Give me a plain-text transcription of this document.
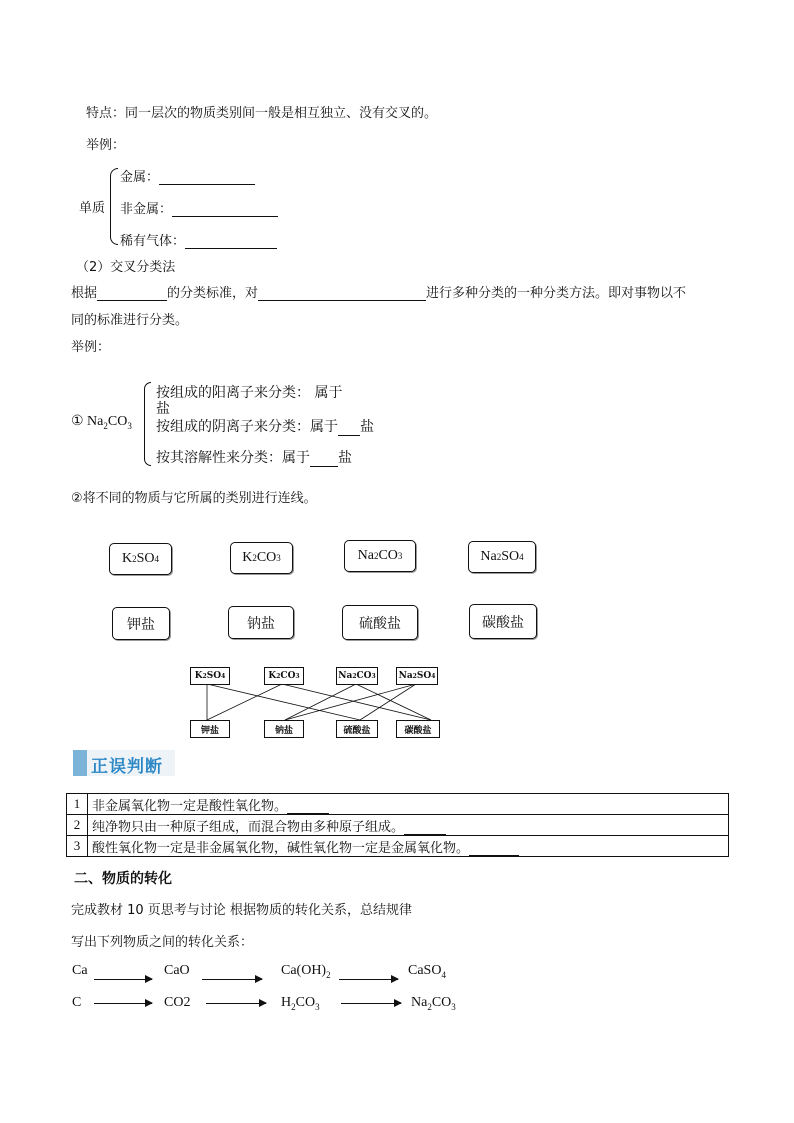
特点：同一层次的物质类别间一般是相互独立、没有交叉的。
举例：
单质
金属：
非金属：
稀有气体：
（2）交叉分类法
根据	的分类标准，对	进行多种分类的一种分类方法。即对事物以不
同的标准进行分类。
举例：
① $Na_2CO_3$
按组成的阳离子来分类： 属于
盐
按组成的阴离子来分类：属于 盐
按其溶解性来分类：属于 盐
②将不同的物质与它所属的类别进行连线。
K 2 SO 4	K 2 CO 3	Na 2 CO 3	Na 2 SO 4
钾盐	钠盐	硫酸盐	碳酸盐
K 2 SO 4	K 2 CO 3	Na 2 CO 3	Na 2 SO 4
钾盐	钠盐	硫酸盐	碳酸盐
正误判断
1	非金属氧化物一定是酸性氧化物。
2	纯净物只由一种原子组成，而混合物由多种原子组成。
3	酸性氧化物一定是非金属氧化物，碱性氧化物一定是金属氧化物。
二、物质的转化
完成教材 10 页思考与讨论 根据物质的转化关系，总结规律
写出下列物质之间的转化关系：
Ca	CaO	$Ca(OH)_2$	CaSO$_4$
C	CO2	$H_2CO_3$	$Na_2CO_3$
